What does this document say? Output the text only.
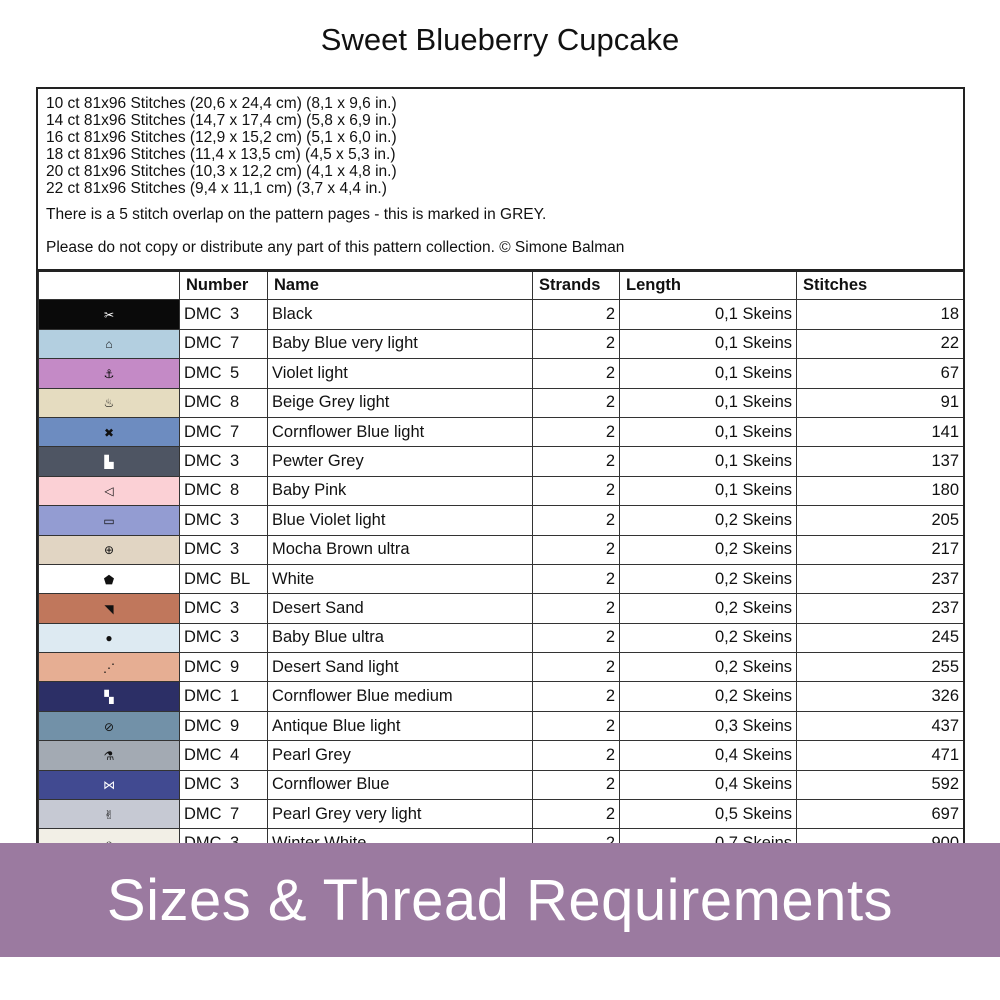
Sweet Blueberry Cupcake
10 ct 81x96 Stitches (20,6 x 24,4 cm) (8,1 x 9,6 in.)
14 ct 81x96 Stitches (14,7 x 17,4 cm) (5,8 x 6,9 in.)
16 ct 81x96 Stitches (12,9 x 15,2 cm) (5,1 x 6,0 in.)
18 ct 81x96 Stitches (11,4 x 13,5 cm) (4,5 x 5,3 in.)
20 ct 81x96 Stitches (10,3 x 12,2 cm) (4,1 x 4,8 in.)
22 ct 81x96 Stitches (9,4 x 11,1 cm) (3,7 x 4,4 in.)

There is a 5 stitch overlap on the pattern pages - this is marked in GREY.

Please do not copy or distribute any part of this pattern collection. © Simone Balman

	Number	Name	Strands	Length	Stitches
✂	DMC 3	Black	2	0,1 Skeins	18
⌂	DMC 7	Baby Blue very light	2	0,1 Skeins	22
⚓	DMC 5	Violet light	2	0,1 Skeins	67
♨	DMC 8	Beige Grey light	2	0,1 Skeins	91
✖	DMC 7	Cornflower Blue light	2	0,1 Skeins	141
▙	DMC 3	Pewter Grey	2	0,1 Skeins	137
◁	DMC 8	Baby Pink	2	0,1 Skeins	180
▭	DMC 3	Blue Violet light	2	0,2 Skeins	205
⊕	DMC 3	Mocha Brown ultra	2	0,2 Skeins	217
⬟	DMC BL	White	2	0,2 Skeins	237
◥	DMC 3	Desert Sand	2	0,2 Skeins	237
●	DMC 3	Baby Blue ultra	2	0,2 Skeins	245
⋰	DMC 9	Desert Sand light	2	0,2 Skeins	255
▚	DMC 1	Cornflower Blue medium	2	0,2 Skeins	326
⊘	DMC 9	Antique Blue light	2	0,3 Skeins	437
⚗	DMC 4	Pearl Grey	2	0,4 Skeins	471
⋈	DMC 3	Cornflower Blue	2	0,4 Skeins	592
✌	DMC 7	Pearl Grey very light	2	0,5 Skeins	697

Sizes & Thread Requirements
